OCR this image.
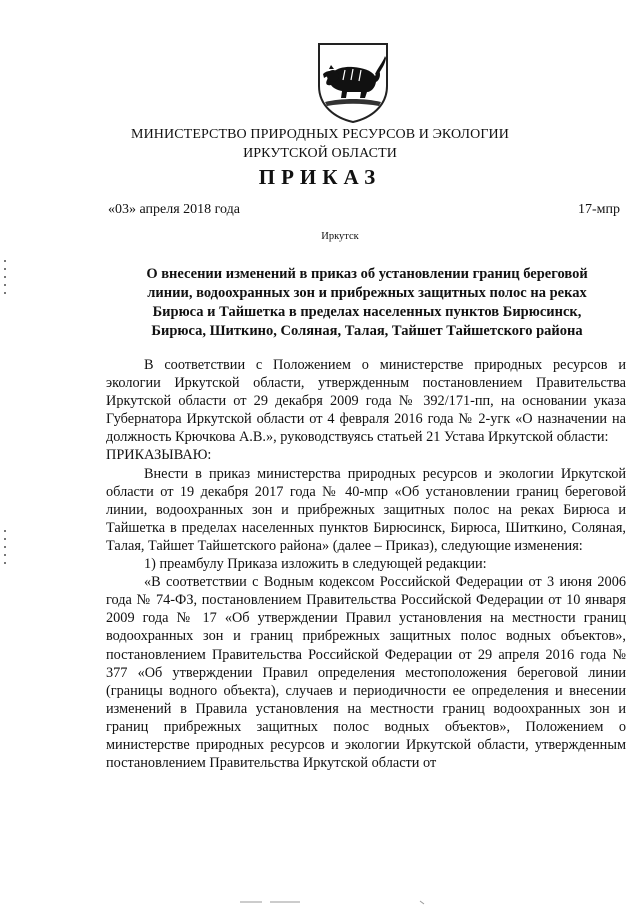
МИНИСТЕРСТВО ПРИРОДНЫХ РЕСУРСОВ И ЭКОЛОГИИ
ИРКУТСКОЙ ОБЛАСТИ
ПРИКАЗ
«03» апреля 2018 года	17-мпр
Иркутск
О внесении изменений в приказ об установлении границ береговой
линии, водоохранных зон и прибрежных защитных полос на реках
Бирюса и Тайшетка в пределах населенных пунктов Бирюсинск,
Бирюса, Шиткино, Соляная, Талая, Тайшет Тайшетского района

В соответствии с Положением о министерстве природных ресурсов и экологии Иркутской области, утвержденным постановлением Правительства Иркутской области от 29 декабря 2009 года № 392/171-пп, на основании указа Губернатора Иркутской области от 4 февраля 2016 года № 2-угк «О назначении на должность Крючкова А.В.», руководствуясь статьей 21 Устава Иркутской области:

ПРИКАЗЫВАЮ:

Внести в приказ министерства природных ресурсов и экологии Иркутской области от 19 декабря 2017 года № 40-мпр «Об установлении границ береговой линии, водоохранных зон и прибрежных защитных полос на реках Бирюса и Тайшетка в пределах населенных пунктов Бирюсинск, Бирюса, Шиткино, Соляная, Талая, Тайшет Тайшетского района» (далее – Приказ), следующие изменения:

1) преамбулу Приказа изложить в следующей редакции:

«В соответствии с Водным кодексом Российской Федерации от 3 июня 2006 года № 74-ФЗ, постановлением Правительства Российской Федерации от 10 января 2009 года № 17 «Об утверждении Правил установления на местности границ водоохранных зон и границ прибрежных защитных полос водных объектов», постановлением Правительства Российской Федерации от 29 апреля 2016 года № 377 «Об утверждении Правил определения местоположения береговой линии (границы водного объекта), случаев и периодичности ее определения и внесении изменений в Правила установления на местности границ водоохранных зон и границ прибрежных защитных полос водных объектов», Положением о министерстве природных ресурсов и экологии Иркутской области, утвержденным постановлением Правительства Иркутской области от
